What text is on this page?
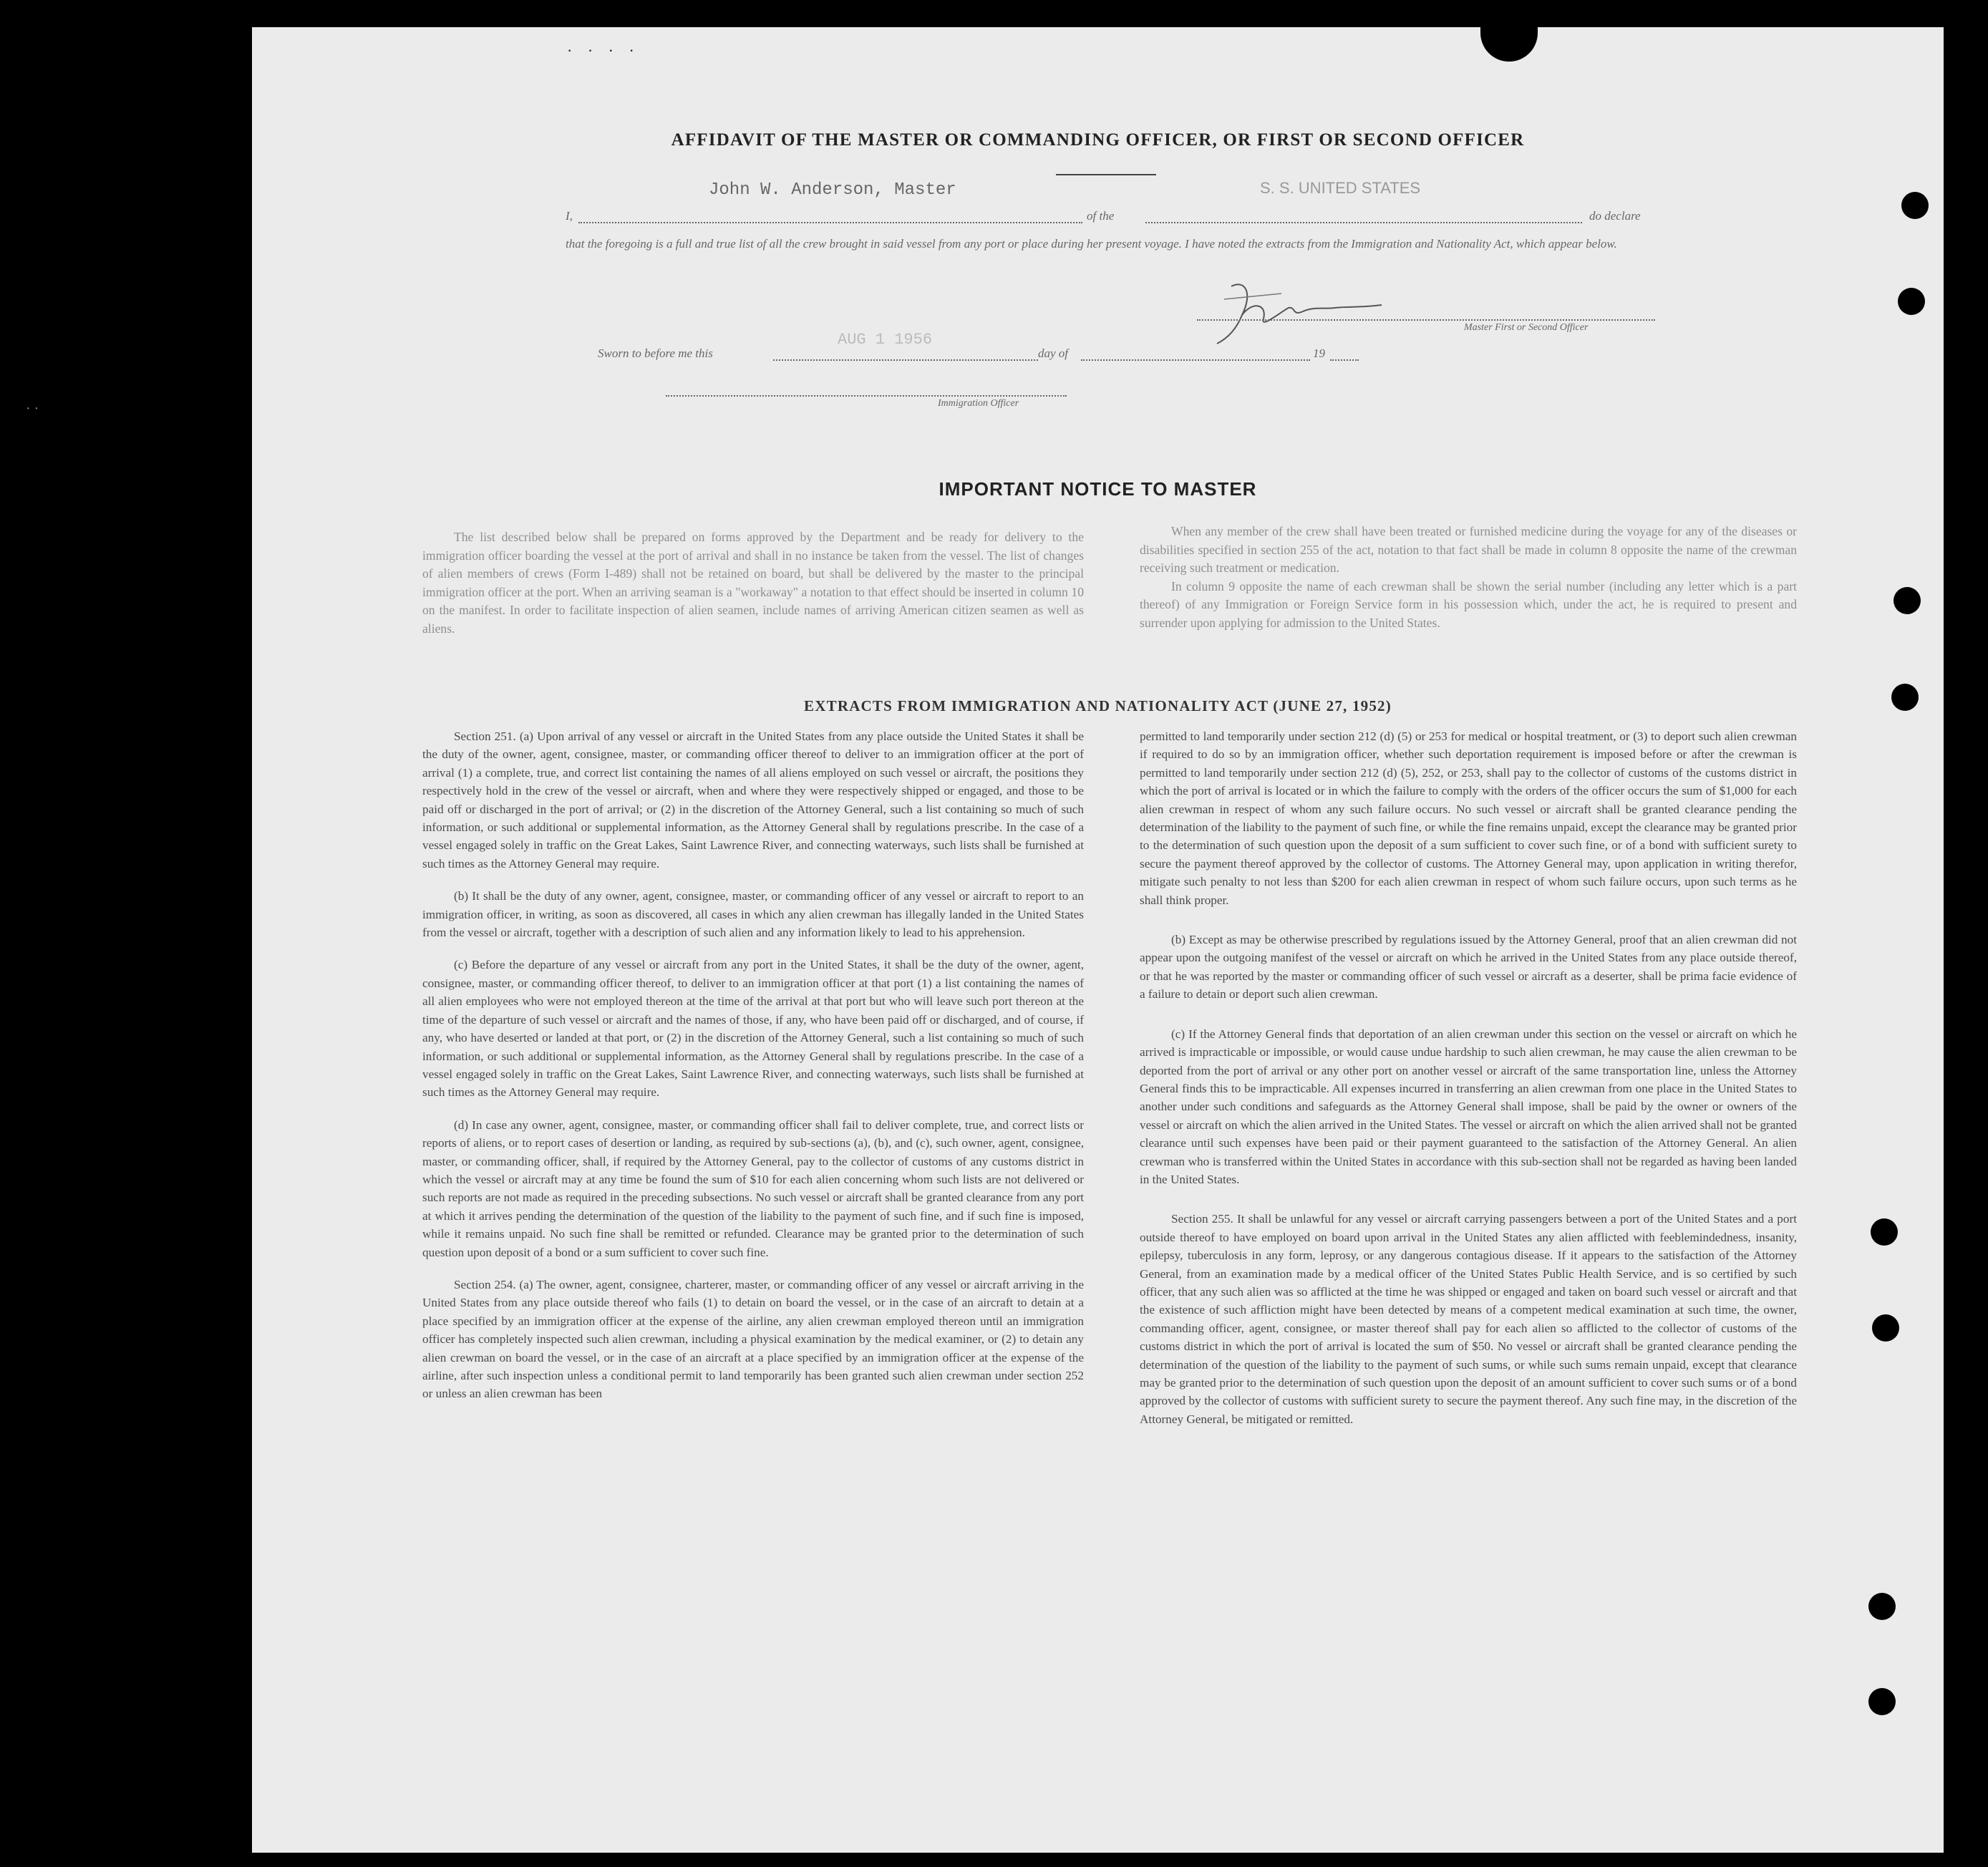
· · · ·
· ·
AFFIDAVIT OF THE MASTER OR COMMANDING OFFICER, OR FIRST OR SECOND OFFICER
John W. Anderson, Master	S. S. UNITED STATES
I,	of the	do declare
that the foregoing is a full and true list of all the crew brought in said vessel from any port or place during her present voyage. I have noted the extracts from the Immigration and Nationality Act, which appear below.
Master First or Second Officer
Sworn to before me this
AUG 1 1956
day of	19
Immigration Officer
IMPORTANT NOTICE TO MASTER

The list described below shall be prepared on forms approved by the Department and be ready for delivery to the immigration officer boarding the vessel at the port of arrival and shall in no instance be taken from the vessel. The list of changes of alien members of crews (Form I-489) shall not be retained on board, but shall be delivered by the master to the principal immigration officer at the port. When an arriving seaman is a "workaway" a notation to that effect should be inserted in column 10 on the manifest. In order to facilitate inspection of alien seamen, include names of arriving American citizen seamen as well as aliens.

When any member of the crew shall have been treated or furnished medicine during the voyage for any of the diseases or disabilities specified in section 255 of the act, notation to that fact shall be made in column 8 opposite the name of the crewman receiving such treatment or medication.

In column 9 opposite the name of each crewman shall be shown the serial number (including any letter which is a part thereof) of any Immigration or Foreign Service form in his possession which, under the act, he is required to present and surrender upon applying for admission to the United States.

EXTRACTS FROM IMMIGRATION AND NATIONALITY ACT (JUNE 27, 1952)

Section 251. (a) Upon arrival of any vessel or aircraft in the United States from any place outside the United States it shall be the duty of the owner, agent, consignee, master, or commanding officer thereof to deliver to an immigration officer at the port of arrival (1) a complete, true, and correct list containing the names of all aliens employed on such vessel or aircraft, the positions they respectively hold in the crew of the vessel or aircraft, when and where they were respectively shipped or engaged, and those to be paid off or discharged in the port of arrival; or (2) in the discretion of the Attorney General, such a list containing so much of such information, or such additional or supplemental information, as the Attorney General shall by regulations prescribe. In the case of a vessel engaged solely in traffic on the Great Lakes, Saint Lawrence River, and connecting waterways, such lists shall be furnished at such times as the Attorney General may require.

(b) It shall be the duty of any owner, agent, consignee, master, or commanding officer of any vessel or aircraft to report to an immigration officer, in writing, as soon as discovered, all cases in which any alien crewman has illegally landed in the United States from the vessel or aircraft, together with a description of such alien and any information likely to lead to his apprehension.

(c) Before the departure of any vessel or aircraft from any port in the United States, it shall be the duty of the owner, agent, consignee, master, or commanding officer thereof, to deliver to an immigration officer at that port (1) a list containing the names of all alien employees who were not employed thereon at the time of the arrival at that port but who will leave such port thereon at the time of the departure of such vessel or aircraft and the names of those, if any, who have been paid off or discharged, and of course, if any, who have deserted or landed at that port, or (2) in the discretion of the Attorney General, such a list containing so much of such information, or such additional or supplemental information, as the Attorney General shall by regulations prescribe. In the case of a vessel engaged solely in traffic on the Great Lakes, Saint Lawrence River, and connecting waterways, such lists shall be furnished at such times as the Attorney General may require.

(d) In case any owner, agent, consignee, master, or commanding officer shall fail to deliver complete, true, and correct lists or reports of aliens, or to report cases of desertion or landing, as required by sub-sections (a), (b), and (c), such owner, agent, consignee, master, or commanding officer, shall, if required by the Attorney General, pay to the collector of customs of any customs district in which the vessel or aircraft may at any time be found the sum of $10 for each alien concerning whom such lists are not delivered or such reports are not made as required in the preceding subsections. No such vessel or aircraft shall be granted clearance from any port at which it arrives pending the determination of the question of the liability to the payment of such fine, and if such fine is imposed, while it remains unpaid. No such fine shall be remitted or refunded. Clearance may be granted prior to the determination of such question upon deposit of a bond or a sum sufficient to cover such fine.

Section 254. (a) The owner, agent, consignee, charterer, master, or commanding officer of any vessel or aircraft arriving in the United States from any place outside thereof who fails (1) to detain on board the vessel, or in the case of an aircraft to detain at a place specified by an immigration officer at the expense of the airline, any alien crewman employed thereon until an immigration officer has completely inspected such alien crewman, including a physical examination by the medical examiner, or (2) to detain any alien crewman on board the vessel, or in the case of an aircraft at a place specified by an immigration officer at the expense of the airline, after such inspection unless a conditional permit to land temporarily has been granted such alien crewman under section 252 or unless an alien crewman has been

permitted to land temporarily under section 212 (d) (5) or 253 for medical or hospital treatment, or (3) to deport such alien crewman if required to do so by an immigration officer, whether such deportation requirement is imposed before or after the crewman is permitted to land temporarily under section 212 (d) (5), 252, or 253, shall pay to the collector of customs of the customs district in which the port of arrival is located or in which the failure to comply with the orders of the officer occurs the sum of $1,000 for each alien crewman in respect of whom any such failure occurs. No such vessel or aircraft shall be granted clearance pending the determination of the liability to the payment of such fine, or while the fine remains unpaid, except the clearance may be granted prior to the determination of such question upon the deposit of a sum sufficient to cover such fine, or of a bond with sufficient surety to secure the payment thereof approved by the collector of customs. The Attorney General may, upon application in writing therefor, mitigate such penalty to not less than $200 for each alien crewman in respect of whom such failure occurs, upon such terms as he shall think proper.

(b) Except as may be otherwise prescribed by regulations issued by the Attorney General, proof that an alien crewman did not appear upon the outgoing manifest of the vessel or aircraft on which he arrived in the United States from any place outside thereof, or that he was reported by the master or commanding officer of such vessel or aircraft as a deserter, shall be prima facie evidence of a failure to detain or deport such alien crewman.

(c) If the Attorney General finds that deportation of an alien crewman under this section on the vessel or aircraft on which he arrived is impracticable or impossible, or would cause undue hardship to such alien crewman, he may cause the alien crewman to be deported from the port of arrival or any other port on another vessel or aircraft of the same transportation line, unless the Attorney General finds this to be impracticable. All expenses incurred in transferring an alien crewman from one place in the United States to another under such conditions and safeguards as the Attorney General shall impose, shall be paid by the owner or owners of the vessel or aircraft on which the alien arrived in the United States. The vessel or aircraft on which the alien arrived shall not be granted clearance until such expenses have been paid or their payment guaranteed to the satisfaction of the Attorney General. An alien crewman who is transferred within the United States in accordance with this sub-section shall not be regarded as having been landed in the United States.

Section 255. It shall be unlawful for any vessel or aircraft carrying passengers between a port of the United States and a port outside thereof to have employed on board upon arrival in the United States any alien afflicted with feeblemindedness, insanity, epilepsy, tuberculosis in any form, leprosy, or any dangerous contagious disease. If it appears to the satisfaction of the Attorney General, from an examination made by a medical officer of the United States Public Health Service, and is so certified by such officer, that any such alien was so afflicted at the time he was shipped or engaged and taken on board such vessel or aircraft and that the existence of such affliction might have been detected by means of a competent medical examination at such time, the owner, commanding officer, agent, consignee, or master thereof shall pay for each alien so afflicted to the collector of customs of the customs district in which the port of arrival is located the sum of $50. No vessel or aircraft shall be granted clearance pending the determination of the question of the liability to the payment of such sums, or while such sums remain unpaid, except that clearance may be granted prior to the determination of such question upon the deposit of an amount sufficient to cover such sums or of a bond approved by the collector of customs with sufficient surety to secure the payment thereof. Any such fine may, in the discretion of the Attorney General, be mitigated or remitted.
